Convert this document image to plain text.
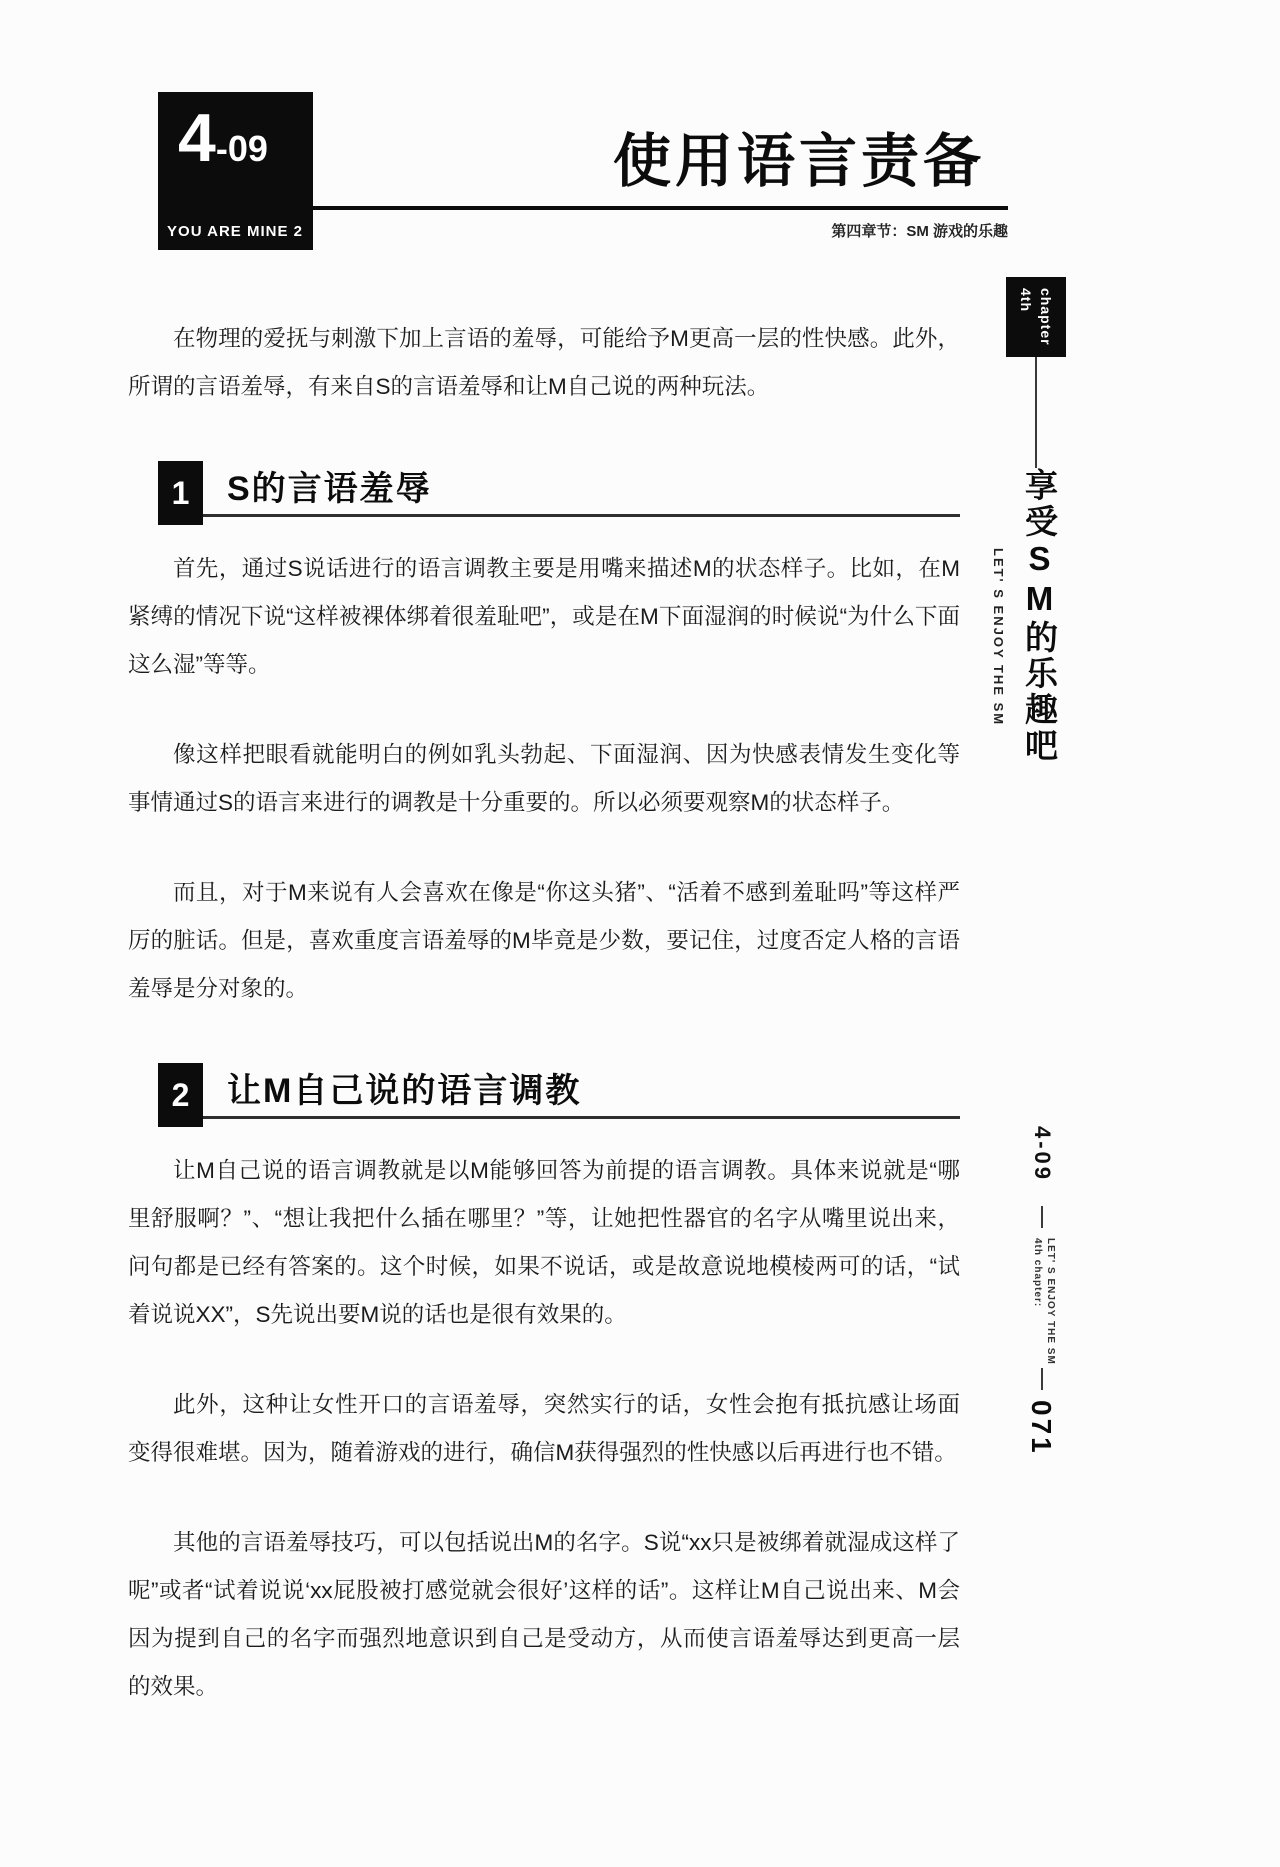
4 -09
YOU ARE MINE 2
使用语言责备
第四章节：SM 游戏的乐趣

在物理的爱抚与刺激下加上言语的羞辱，可能给予M更高一层的性快感。此外，所谓的言语羞辱，有来自S的言语羞辱和让M自己说的两种玩法。

1	S的言语羞辱

首先，通过S说话进行的语言调教主要是用嘴来描述M的状态样子。比如，在M紧缚的情况下说“这样被裸体绑着很羞耻吧”，或是在M下面湿润的时候说“为什么下面这么湿”等等。

像这样把眼看就能明白的例如乳头勃起、下面湿润、因为快感表情发生变化等事情通过S的语言来进行的调教是十分重要的。所以必须要观察M的状态样子。

而且，对于M来说有人会喜欢在像是“你这头猪”、“活着不感到羞耻吗”等这样严厉的脏话。但是，喜欢重度言语羞辱的M毕竟是少数，要记住，过度否定人格的言语羞辱是分对象的。

2	让M自己说的语言调教

让M自己说的语言调教就是以M能够回答为前提的语言调教。具体来说就是“哪里舒服啊？”、“想让我把什么插在哪里？”等，让她把性器官的名字从嘴里说出来，问句都是已经有答案的。这个时候，如果不说话，或是故意说地模棱两可的话，“试着说说XX”，S先说出要M说的话也是很有效果的。

此外，这种让女性开口的言语羞辱，突然实行的话，女性会抱有抵抗感让场面变得很难堪。因为，随着游戏的进行，确信M获得强烈的性快感以后再进行也不错。

其他的言语羞辱技巧，可以包括说出M的名字。S说“xx只是被绑着就湿成这样了呢”或者“试着说说‘xx屁股被打感觉就会很好’这样的话”。这样让M自己说出来、M会因为提到自己的名字而强烈地意识到自己是受动方，从而使言语羞辱达到更高一层的效果。

4th chapter
享受SM的乐趣吧
LET' S ENJOY THE SM
4-09
4th chapter: LET' S ENJOY THE SM
071
